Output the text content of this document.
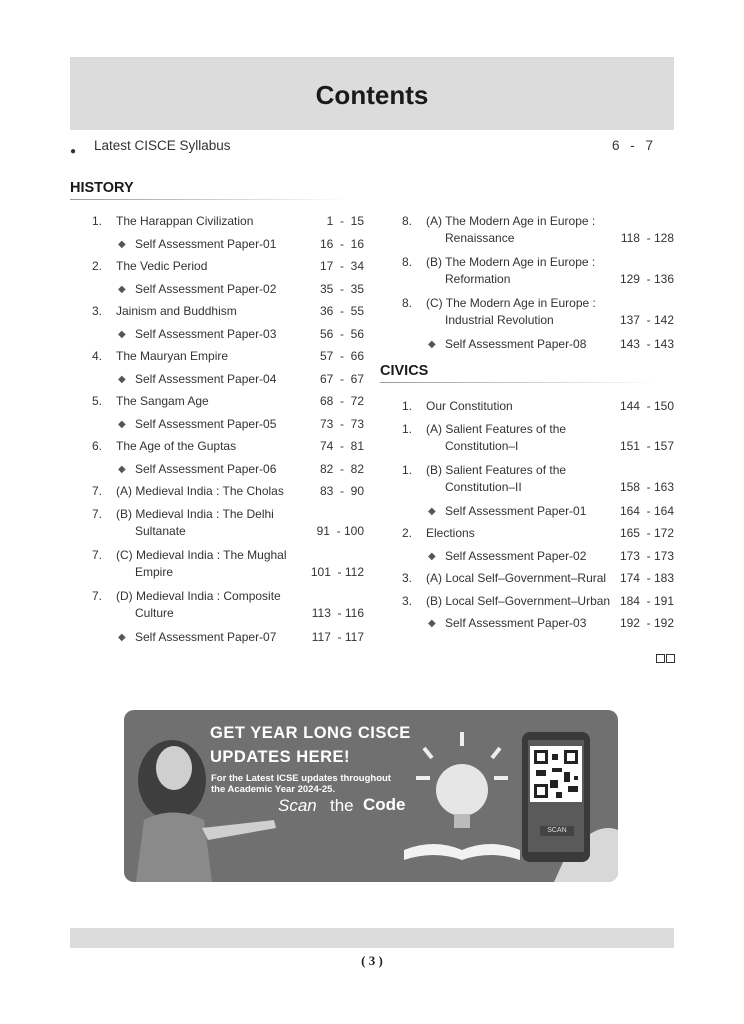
Contents
● Latest CISCE Syllabus	6 - 7
HISTORY
CIVICS
1. The Harappan Civilization	1  -  15
◆ Self Assessment Paper-01	16  -  16
2. The Vedic Period	17  -  34
◆ Self Assessment Paper-02	35  -  35
3. Jainism and Buddhism	36  -  55
◆ Self Assessment Paper-03	56  -  56
4. The Mauryan Empire	57  -  66
◆ Self Assessment Paper-04	67  -  67
5. The Sangam Age	68  -  72
◆ Self Assessment Paper-05	73  -  73
6. The Age of the Guptas	74  -  81
◆ Self Assessment Paper-06	82  -  82
7. (A) Medieval India : The Cholas	83  -  90
7. (B) Medieval India : The Delhi
Sultanate	91  - 100
7. (C) Medieval India : The Mughal
Empire	101  - 112
7. (D) Medieval India : Composite
Culture	113  - 116
◆ Self Assessment Paper-07	117  - 117
8. (A) The Modern Age in Europe :
Renaissance	118  - 128
8. (B) The Modern Age in Europe :
Reformation	129  - 136
8. (C) The Modern Age in Europe :
Industrial Revolution	137  - 142
◆ Self Assessment Paper-08	143  - 143
1. Our Constitution	144  - 150
1. (A) Salient Features of the
Constitution–I	151  - 157
1. (B) Salient Features of the
Constitution–II	158  - 163
◆ Self Assessment Paper-01	164  - 164
2. Elections	165  - 172
◆ Self Assessment Paper-02	173  - 173
3. (A) Local Self–Government–Rural 174  - 183
3. (B) Local Self–Government–Urban 184  - 191
◆ Self Assessment Paper-03	192  - 192
GET YEAR LONG CISCE
UPDATES HERE!
For the Latest ICSE updates throughout the Academic Year 2024-25.
Scan the Code
SCAN
( 3 )
